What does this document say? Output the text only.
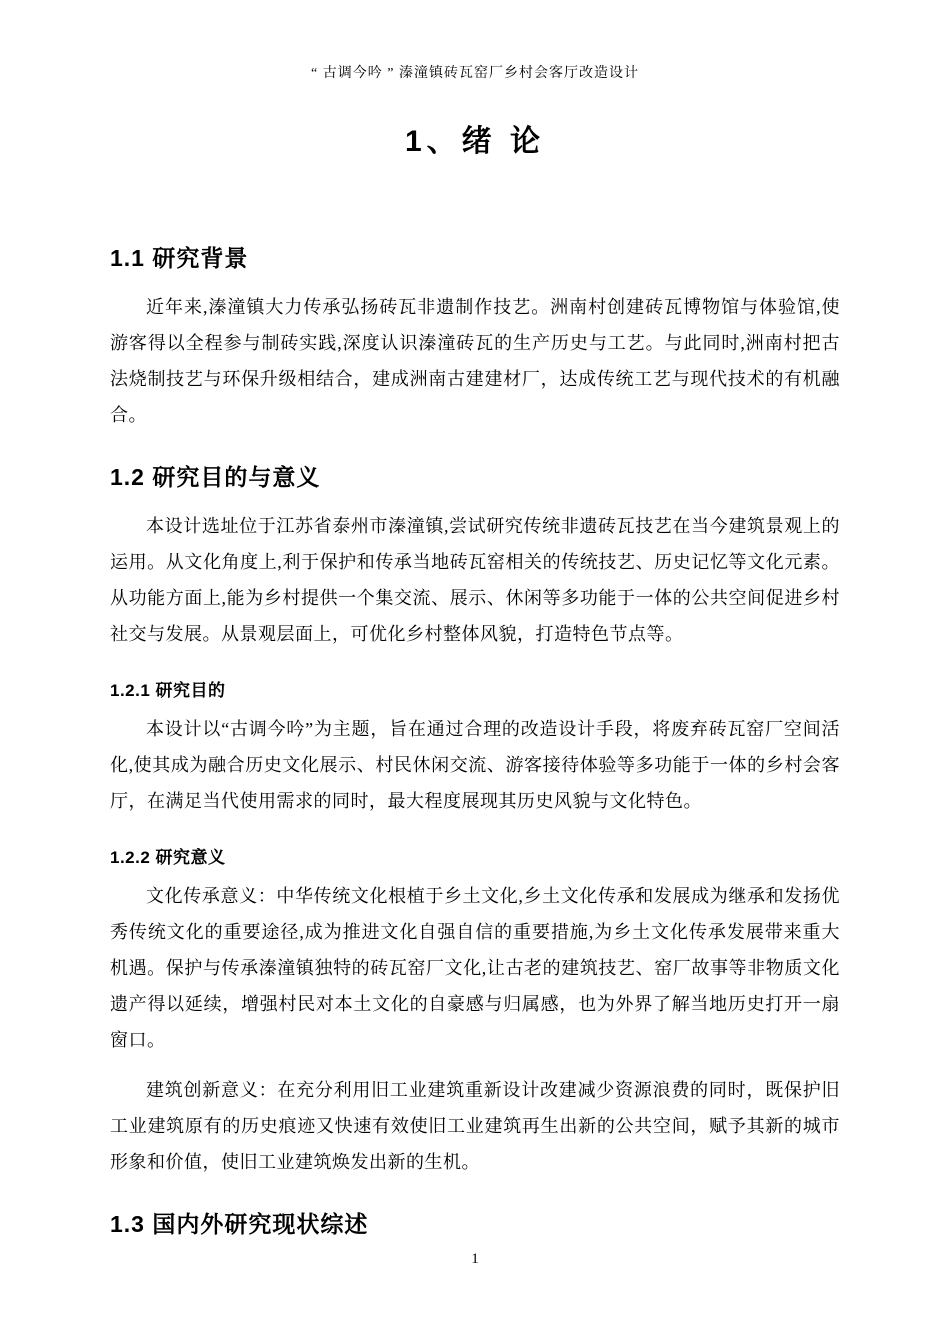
“ 古调今吟 ” 溱潼镇砖瓦窑厂乡村会客厅改造设计
1、绪 论
1.1 研究背景

近年来,溱潼镇大力传承弘扬砖瓦非遗制作技艺。洲南村创建砖瓦博物馆与体验馆,使游客得以全程参与制砖实践,深度认识溱潼砖瓦的生产历史与工艺。与此同时,洲南村把古法烧制技艺与环保升级相结合，建成洲南古建建材厂，达成传统工艺与现代技术的有机融合。

1.2 研究目的与意义

本设计选址位于江苏省泰州市溱潼镇,尝试研究传统非遗砖瓦技艺在当今建筑景观上的运用。从文化角度上,利于保护和传承当地砖瓦窑相关的传统技艺、历史记忆等文化元素。从功能方面上,能为乡村提供一个集交流、展示、休闲等多功能于一体的公共空间促进乡村社交与发展。从景观层面上，可优化乡村整体风貌，打造特色节点等。

1.2.1 研究目的

本设计以“古调今吟”为主题，旨在通过合理的改造设计手段，将废弃砖瓦窑厂空间活化,使其成为融合历史文化展示、村民休闲交流、游客接待体验等多功能于一体的乡村会客厅，在满足当代使用需求的同时，最大程度展现其历史风貌与文化特色。

1.2.2 研究意义

文化传承意义：中华传统文化根植于乡土文化,乡土文化传承和发展成为继承和发扬优秀传统文化的重要途径,成为推进文化自强自信的重要措施,为乡土文化传承发展带来重大机遇。保护与传承溱潼镇独特的砖瓦窑厂文化,让古老的建筑技艺、窑厂故事等非物质文化遗产得以延续，增强村民对本土文化的自豪感与归属感，也为外界了解当地历史打开一扇窗口。

建筑创新意义：在充分利用旧工业建筑重新设计改建减少资源浪费的同时，既保护旧工业建筑原有的历史痕迹又快速有效使旧工业建筑再生出新的公共空间，赋予其新的城市形象和价值，使旧工业建筑焕发出新的生机。

1.3 国内外研究现状综述
1
